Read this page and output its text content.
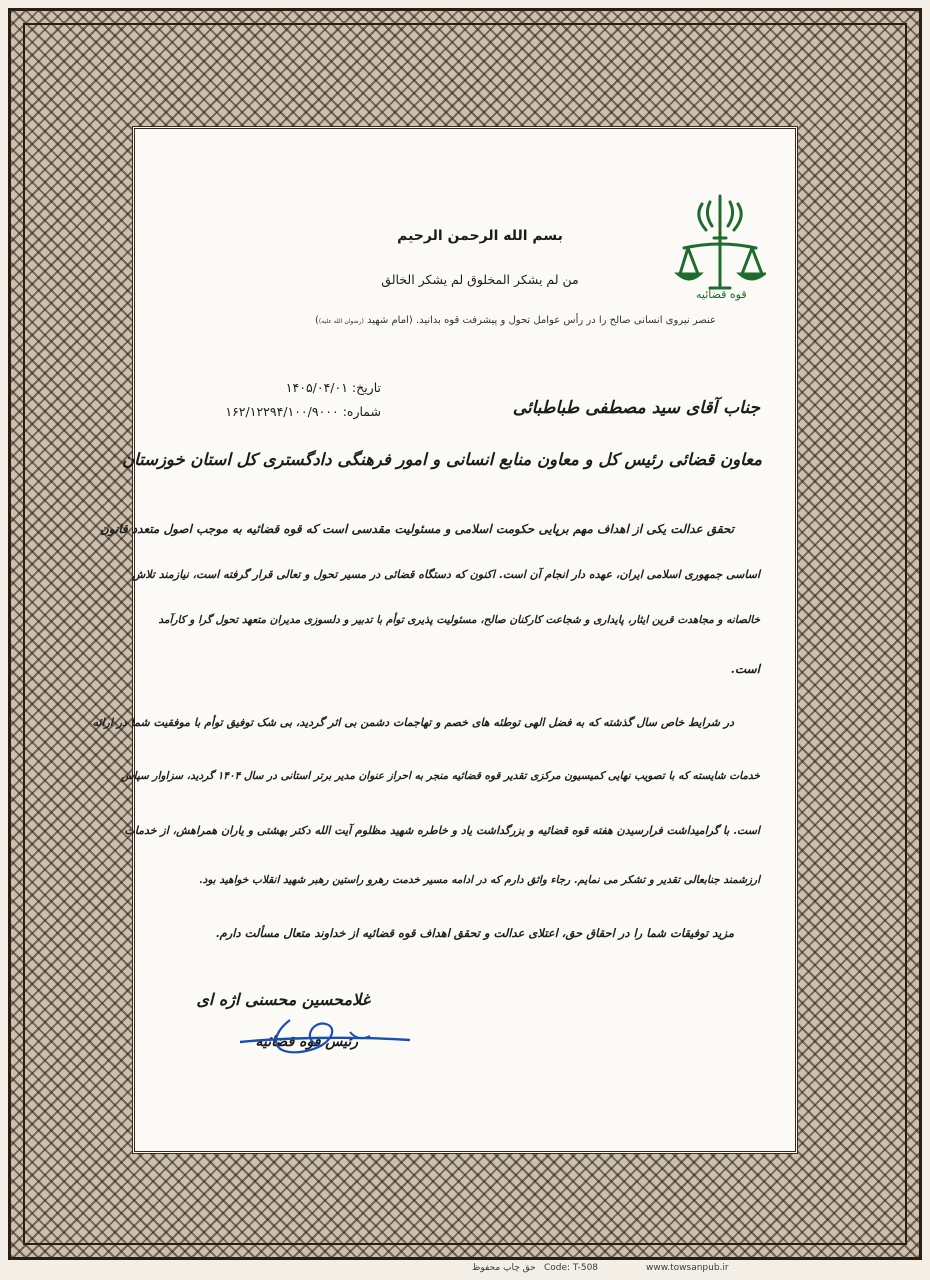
قوه قضائیه
بسم الله الرحمن الرحیم
من لم یشکر المخلوق لم یشکر الخالق
عنصر نیروی انسانی صالح را در رأس عوامل تحول و پیشرفت قوه بدانید. (امام شهید (رضوان الله علیه))
تاریخ: ۱۴۰۵/۰۴/۰۱
شماره: ۱۶۲/۱۲۲۹۴/۱۰۰/۹۰۰۰	جناب آقای سید مصطفی طباطبائی
معاون قضائی رئیس کل و معاون منابع انسانی و امور فرهنگی دادگستری کل استان خوزستان
تحقق عدالت یکی از اهداف مهم برپایی حکومت اسلامی و مسئولیت مقدسی است که قوه قضائیه به موجب اصول متعدد قانون
اساسی جمهوری اسلامی ایران، عهده دار انجام آن است. اکنون که دستگاه قضائی در مسیر تحول و تعالی قرار گرفته است، نیازمند تلاش
خالصانه و مجاهدت قرین ایثار، پایداری و شجاعت کارکنان صالح، مسئولیت پذیری توأم با تدبیر و دلسوزی مدیران متعهد تحول گرا و کارآمد
است.
در شرایط خاص سال گذشته که به فضل الهی توطئه های خصم و تهاجمات دشمن بی اثر گردید، بی شک توفیق توأم با موفقیت شما در ارائه
خدمات شایسته که با تصویب نهایی کمیسیون مرکزی تقدیر قوه قضائیه منجر به احراز عنوان مدیر برتر استانی در سال ۱۴۰۴ گردید، سزاوار سپاس
است. با گرامیداشت فرارسیدن هفته قوه قضائیه و بزرگداشت یاد و خاطره شهید مظلوم آیت الله دکتر بهشتی و یاران همراهش، از خدمات
ارزشمند جنابعالی تقدیر و تشکر می نمایم. رجاء واثق دارم که در ادامه مسیر خدمت رهرو راستین رهبر شهید انقلاب خواهید بود.
مزید توفیقات شما را در احقاق حق، اعتلای عدالت و تحقق اهداف قوه قضائیه از خداوند متعال مسألت دارم.
غلامحسین محسنی اژه ای
رئیس قوه قضائیه
www.towsanpub.ir
Code: T-508
حق چاپ محفوظ
